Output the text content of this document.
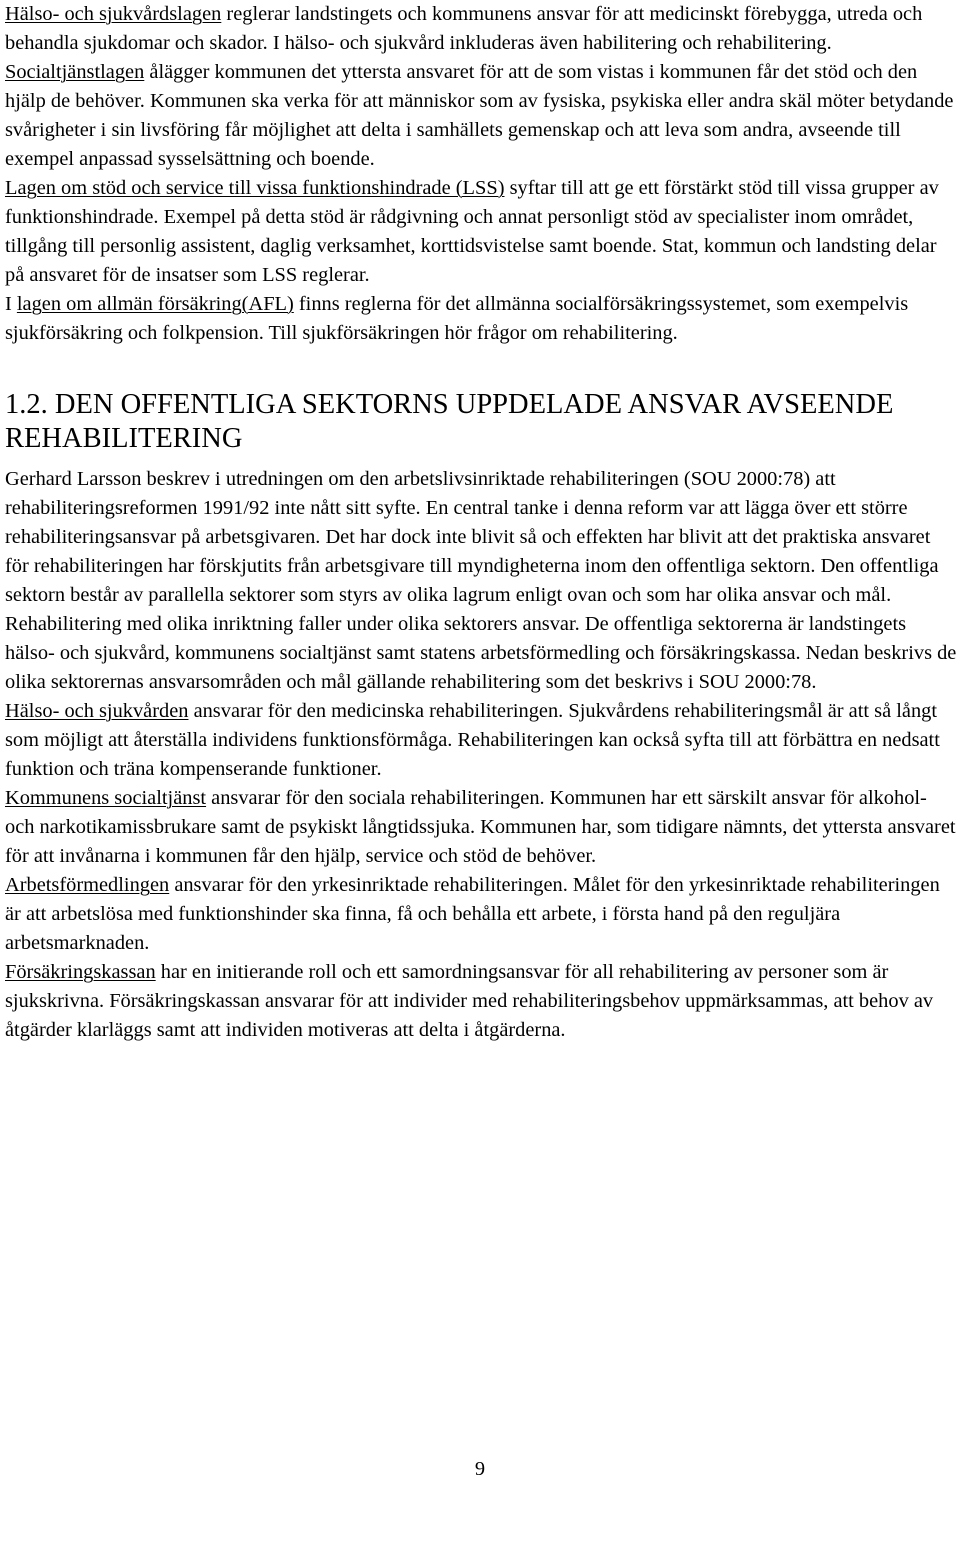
Hälso- och sjukvårdslagen reglerar landstingets och kommunens ansvar för att medicinskt förebygga, utreda och behandla sjukdomar och skador. I hälso- och sjukvård inkluderas även habilitering och rehabilitering.

Socialtjänstlagen ålägger kommunen det yttersta ansvaret för att de som vistas i kommunen får det stöd och den hjälp de behöver. Kommunen ska verka för att människor som av fysiska, psykiska eller andra skäl möter betydande svårigheter i sin livsföring får möjlighet att delta i samhällets gemenskap och att leva som andra, avseende till exempel anpassad sysselsättning och boende.

Lagen om stöd och service till vissa funktionshindrade (LSS) syftar till att ge ett förstärkt stöd till vissa grupper av funktionshindrade. Exempel på detta stöd är rådgivning och annat personligt stöd av specialister inom området, tillgång till personlig assistent, daglig verksamhet, korttidsvistelse samt boende. Stat, kommun och landsting delar på ansvaret för de insatser som LSS reglerar.

I lagen om allmän försäkring(AFL) finns reglerna för det allmänna socialförsäkringssystemet, som exempelvis sjukförsäkring och folkpension. Till sjukförsäkringen hör frågor om rehabilitering.

1.2. DEN OFFENTLIGA SEKTORNS UPPDELADE ANSVAR AVSEENDE REHABILITERING

Gerhard Larsson beskrev i utredningen om den arbetslivsinriktade rehabiliteringen (SOU 2000:78) att rehabiliteringsreformen 1991/92 inte nått sitt syfte. En central tanke i denna reform var att lägga över ett större rehabiliteringsansvar på arbetsgivaren. Det har dock inte blivit så och effekten har blivit att det praktiska ansvaret för rehabiliteringen har förskjutits från arbetsgivare till myndigheterna inom den offentliga sektorn. Den offentliga sektorn består av parallella sektorer som styrs av olika lagrum enligt ovan och som har olika ansvar och mål. Rehabilitering med olika inriktning faller under olika sektorers ansvar. De offentliga sektorerna är landstingets hälso- och sjukvård, kommunens socialtjänst samt statens arbetsförmedling och försäkringskassa. Nedan beskrivs de olika sektorernas ansvarsområden och mål gällande rehabilitering som det beskrivs i SOU 2000:78.

Hälso- och sjukvården ansvarar för den medicinska rehabiliteringen. Sjukvårdens rehabiliteringsmål är att så långt som möjligt att återställa individens funktionsförmåga. Rehabiliteringen kan också syfta till att förbättra en nedsatt funktion och träna kompenserande funktioner.

Kommunens socialtjänst ansvarar för den sociala rehabiliteringen. Kommunen har ett särskilt ansvar för alkohol- och narkotikamissbrukare samt de psykiskt långtidssjuka. Kommunen har, som tidigare nämnts, det yttersta ansvaret för att invånarna i kommunen får den hjälp, service och stöd de behöver.

Arbetsförmedlingen ansvarar för den yrkesinriktade rehabiliteringen. Målet för den yrkesinriktade rehabiliteringen är att arbetslösa med funktionshinder ska finna, få och behålla ett arbete, i första hand på den reguljära arbetsmarknaden.

Försäkringskassan har en initierande roll och ett samordningsansvar för all rehabilitering av personer som är sjukskrivna. Försäkringskassan ansvarar för att individer med rehabiliteringsbehov uppmärksammas, att behov av åtgärder klarläggs samt att individen motiveras att delta i åtgärderna.

9
